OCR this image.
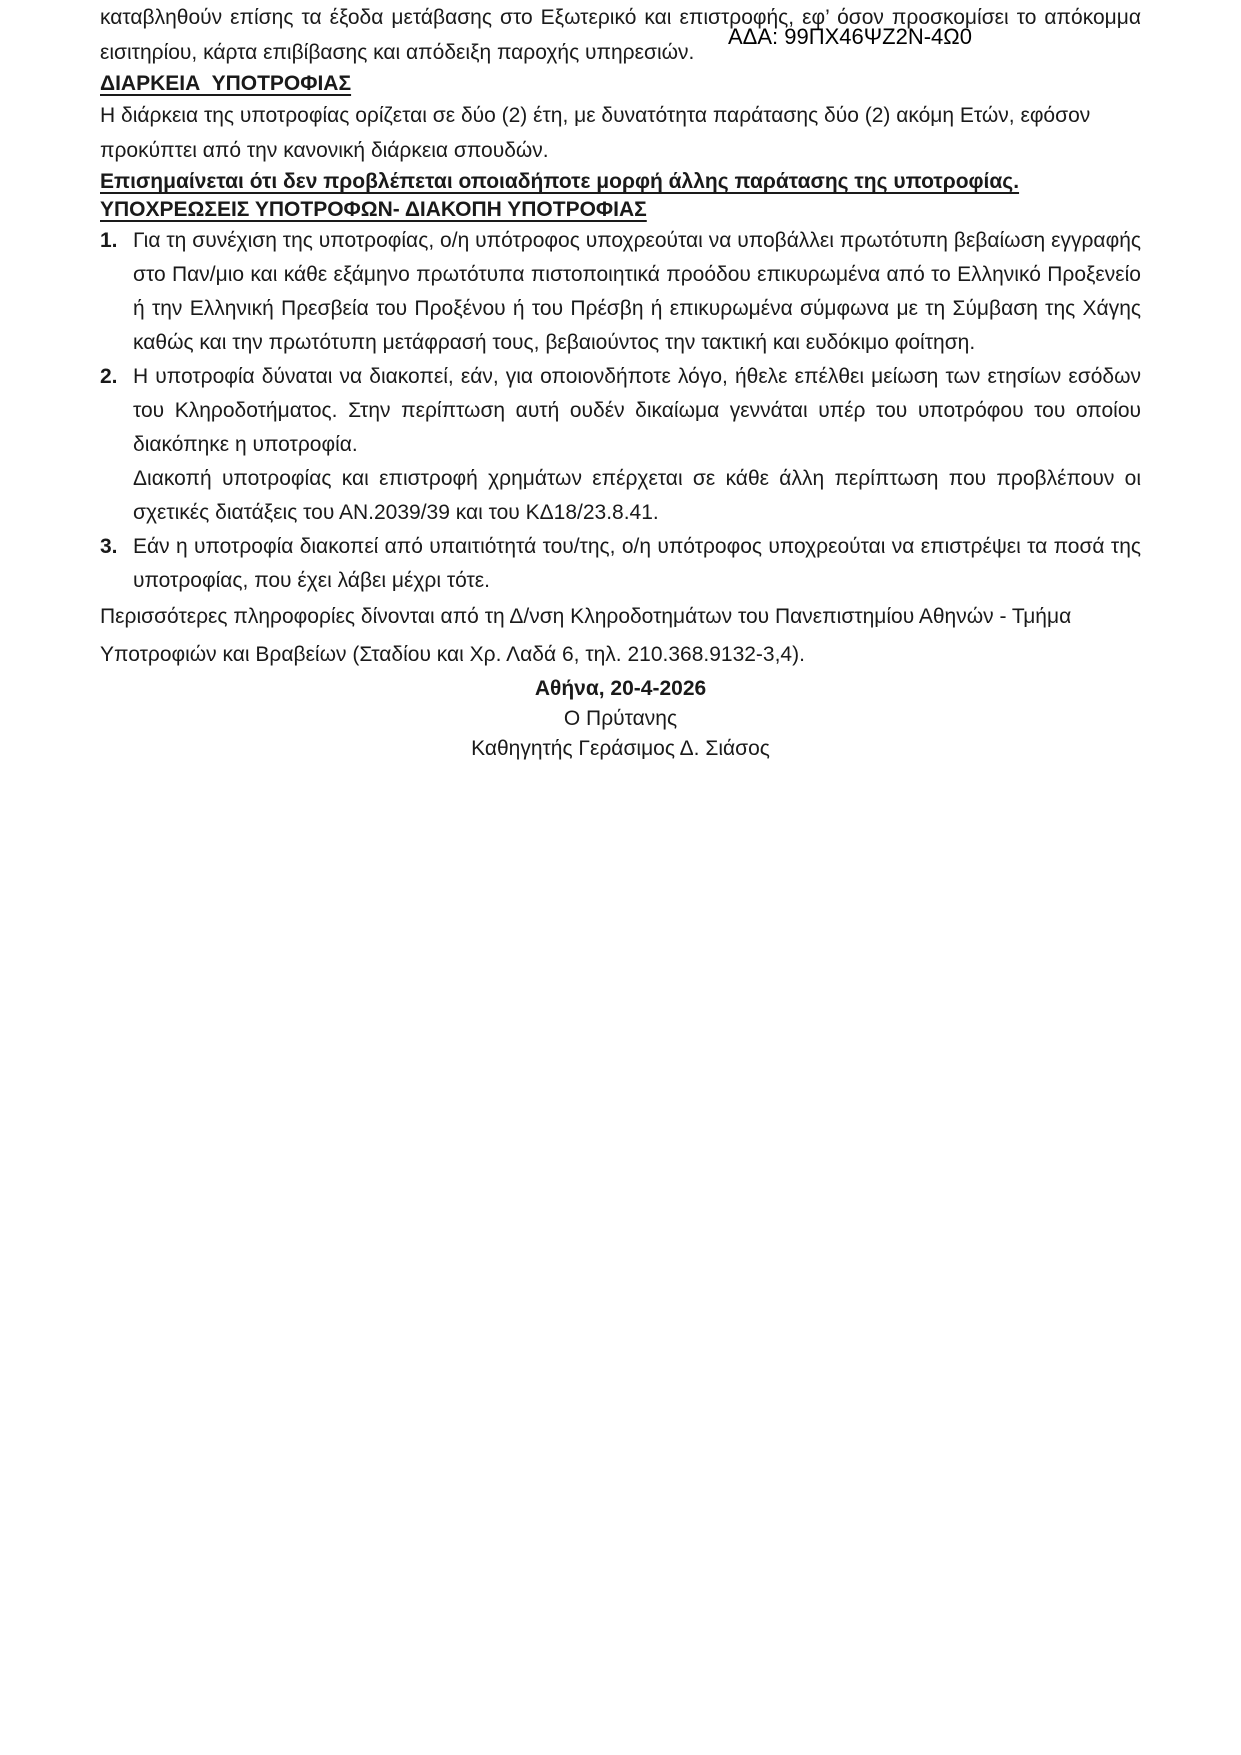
ΑΔΑ: 99ΠΧ46ΨΖ2Ν-4Ω0

καταβληθούν επίσης τα έξοδα μετάβασης στο Εξωτερικό και επιστροφής, εφ’ όσον προσκομίσει το απόκομμα εισιτηρίου, κάρτα επιβίβασης και απόδειξη παροχής υπηρεσιών.

ΔΙΑΡΚΕΙΑ  ΥΠΟΤΡΟΦΙΑΣ

Η διάρκεια της υποτροφίας ορίζεται σε δύο (2) έτη, με δυνατότητα παράτασης δύο (2) ακόμη Ετών, εφόσον προκύπτει από την κανονική διάρκεια σπουδών.

Επισημαίνεται ότι δεν προβλέπεται οποιαδήποτε μορφή άλλης παράτασης της υποτροφίας.

ΥΠΟΧΡΕΩΣΕΙΣ ΥΠΟΤΡΟΦΩΝ- ΔΙΑΚΟΠΗ ΥΠΟΤΡΟΦΙΑΣ
1. Για τη συνέχιση της υποτροφίας, ο/η υπότροφος υποχρεούται να υποβάλλει πρωτότυπη βεβαίωση εγγραφής στο Παν/μιο και κάθε εξάμηνο πρωτότυπα πιστοποιητικά προόδου επικυρωμένα από το Ελληνικό Προξενείο ή την Ελληνική Πρεσβεία του Προξένου ή του Πρέσβη ή επικυρωμένα σύμφωνα με τη Σύμβαση της Χάγης καθώς και την πρωτότυπη μετάφρασή τους, βεβαιούντος την τακτική και ευδόκιμο φοίτηση.

2. Η υποτροφία δύναται να διακοπεί, εάν, για οποιονδήποτε λόγο, ήθελε επέλθει μείωση των ετησίων εσόδων του Κληροδοτήματος. Στην περίπτωση αυτή ουδέν δικαίωμα γεννάται υπέρ του υποτρόφου του οποίου διακόπηκε η υποτροφία.

Διακοπή υποτροφίας και επιστροφή χρημάτων επέρχεται σε κάθε άλλη περίπτωση που προβλέπουν οι σχετικές διατάξεις του ΑΝ.2039/39 και του ΚΔ18/23.8.41.

3. Εάν η υποτροφία διακοπεί από υπαιτιότητά του/της, ο/η υπότροφος υποχρεούται να επιστρέψει τα ποσά της υποτροφίας, που έχει λάβει μέχρι τότε.

Περισσότερες πληροφορίες δίνονται από τη Δ/νση Κληροδοτημάτων του Πανεπιστημίου Αθηνών - Τμήμα Υποτροφιών και Βραβείων (Σταδίου και Χρ. Λαδά 6, τηλ. 210.368.9132-3,4).

Αθήνα, 20-4-2026

Ο Πρύτανης

Καθηγητής Γεράσιμος Δ. Σιάσος
